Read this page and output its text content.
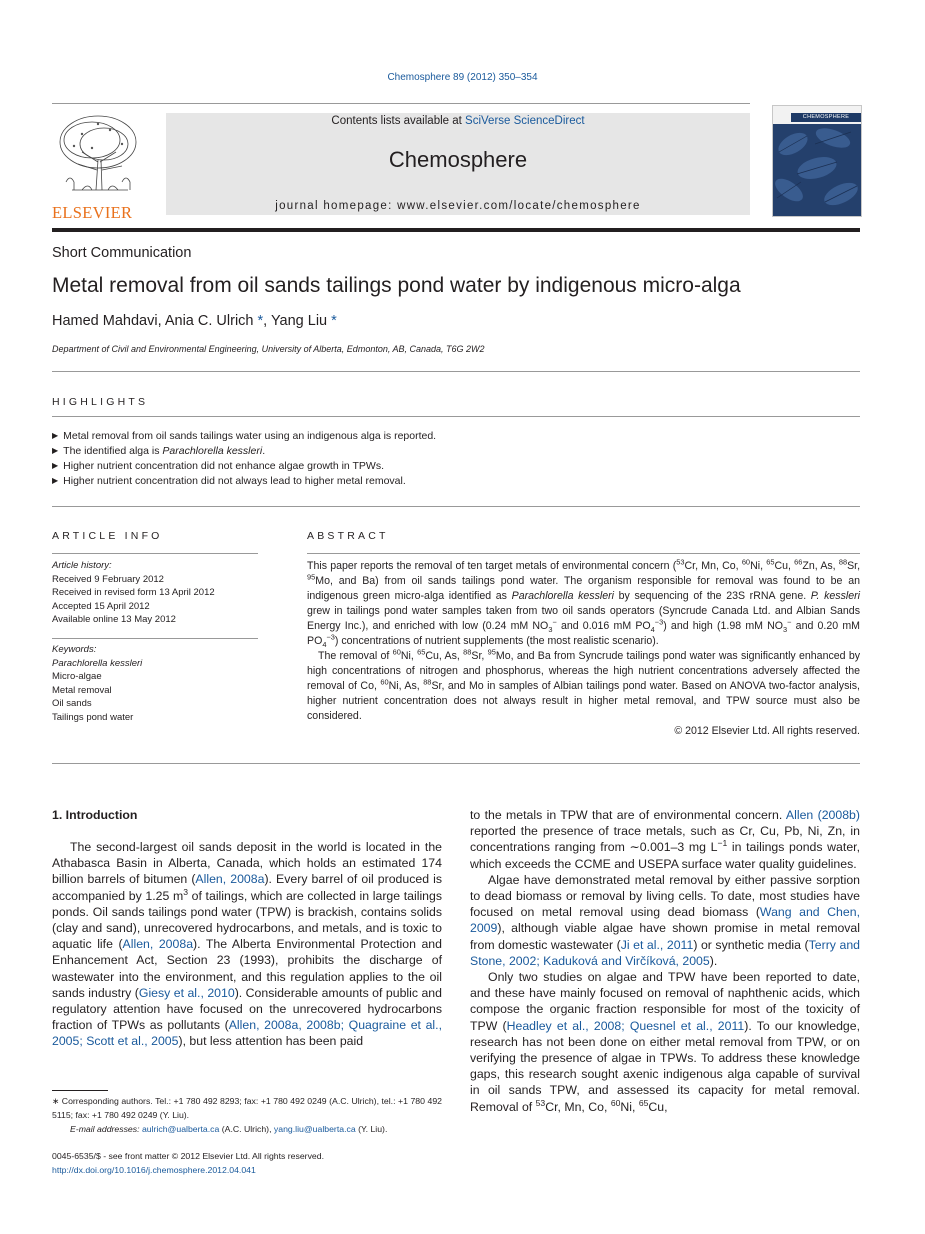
Chemosphere 89 (2012) 350–354
ELSEVIER
Contents lists available at SciVerse ScienceDirect
Chemosphere
journal homepage: www.elsevier.com/locate/chemosphere
CHEMOSPHERE
Short Communication
Metal removal from oil sands tailings pond water by indigenous micro-alga
Hamed Mahdavi, Ania C. Ulrich *, Yang Liu *
Department of Civil and Environmental Engineering, University of Alberta, Edmonton, AB, Canada, T6G 2W2
HIGHLIGHTS
▶ Metal removal from oil sands tailings water using an indigenous alga is reported.
▶ The identified alga is Parachlorella kessleri.
▶ Higher nutrient concentration did not enhance algae growth in TPWs.
▶ Higher nutrient concentration did not always lead to higher metal removal.
ARTICLE INFO
Article history:
Received 9 February 2012
Received in revised form 13 April 2012
Accepted 15 April 2012
Available online 13 May 2012
Keywords:
Parachlorella kessleri
Micro-algae
Metal removal
Oil sands
Tailings pond water
ABSTRACT

This paper reports the removal of ten target metals of environmental concern ($^{53}$Cr, Mn, Co, $^{60}$Ni, $^{65}$Cu, $^{66}$Zn, As, $^{88}$Sr, $^{95}$Mo, and Ba) from oil sands tailings pond water. The organism responsible for removal was found to be an indigenous green micro-alga identified as Parachlorella kessleri by sequencing of the 23S rRNA gene. P. kessleri grew in tailings pond water samples taken from two oil sands operators (Syncrude Canada Ltd. and Albian Sands Energy Inc.), and enriched with low (0.24 mM $NO_3^-$ and 0.016 mM $PO_4^{-3}$) and high (1.98 mM $NO_3^-$ and 0.20 mM $PO_4^{-3}$) concentrations of nutrient supplements (the most realistic scenario).

The removal of $^{60}$Ni, $^{65}$Cu, As, $^{88}$Sr, $^{95}$Mo, and Ba from Syncrude tailings pond water was significantly enhanced by high concentrations of nitrogen and phosphorus, whereas the high nutrient concentrations adversely affected the removal of Co, $^{60}$Ni, As, $^{88}$Sr, and Mo in samples of Albian tailings pond water. Based on ANOVA two-factor analysis, higher nutrient concentration does not always result in higher metal removal, and TPW source must also be considered.

© 2012 Elsevier Ltd. All rights reserved.

1. Introduction

The second-largest oil sands deposit in the world is located in the Athabasca Basin in Alberta, Canada, which holds an estimated 174 billion barrels of bitumen (Allen, 2008a). Every barrel of oil produced is accompanied by 1.25 $m^3$ of tailings, which are collected in large tailings ponds. Oil sands tailings pond water (TPW) is brackish, contains solids (clay and sand), unrecovered hydrocarbons, and metals, and is toxic to aquatic life (Allen, 2008a). The Alberta Environmental Protection and Enhancement Act, Section 23 (1993), prohibits the discharge of wastewater into the environment, and this regulation applies to the oil sands industry (Giesy et al., 2010). Considerable amounts of public and regulatory attention have focused on the unrecovered hydrocarbons fraction of TPWs as pollutants (Allen, 2008a, 2008b; Quagraine et al., 2005; Scott et al., 2005), but less attention has been paid

to the metals in TPW that are of environmental concern. Allen (2008b) reported the presence of trace metals, such as Cr, Cu, Pb, Ni, Zn, in concentrations ranging from ∼0.001–3 mg $L^{-1}$ in tailings ponds water, which exceeds the CCME and USEPA surface water quality guidelines.

Algae have demonstrated metal removal by either passive sorption to dead biomass or removal by living cells. To date, most studies have focused on metal removal using dead biomass (Wang and Chen, 2009), although viable algae have shown promise in metal removal from domestic wastewater (Ji et al., 2011) or synthetic media (Terry and Stone, 2002; Kaduková and Virčíková, 2005).

Only two studies on algae and TPW have been reported to date, and these have mainly focused on removal of naphthenic acids, which compose the organic fraction responsible for most of the toxicity of TPW (Headley et al., 2008; Quesnel et al., 2011). To our knowledge, research has not been done on either metal removal from TPW, or on verifying the presence of algae in TPWs. To address these knowledge gaps, this research sought axenic indigenous alga capable of survival in oil sands TPW, and assessed its capacity for metal removal. Removal of $^{53}$Cr, Mn, Co, $^{60}$Ni, $^{65}$Cu,

∗ Corresponding authors. Tel.: +1 780 492 8293; fax: +1 780 492 0249 (A.C. Ulrich), tel.: +1 780 492 5115; fax: +1 780 492 0249 (Y. Liu).
E-mail addresses: aulrich@ualberta.ca (A.C. Ulrich), yang.liu@ualberta.ca (Y. Liu).
0045-6535/$ - see front matter © 2012 Elsevier Ltd. All rights reserved.
http://dx.doi.org/10.1016/j.chemosphere.2012.04.041
